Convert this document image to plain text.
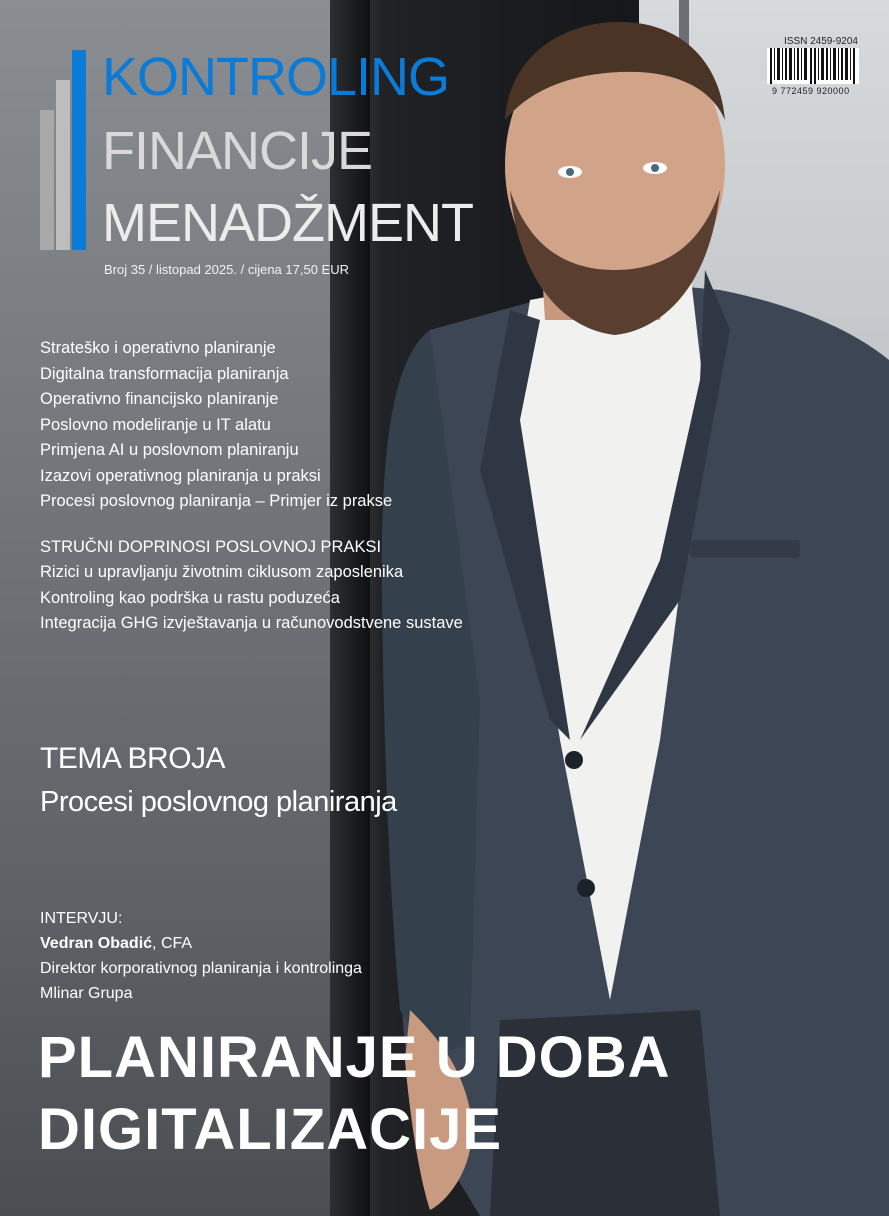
KONTROLING
FINANCIJE
MENADŽMENT
Broj 35 / listopad 2025. / cijena 17,50 EUR
ISSN 2459-9204
9 772459 920000
Strateško i operativno planiranje
Digitalna transformacija planiranja
Operativno financijsko planiranje
Poslovno modeliranje u IT alatu
Primjena AI u poslovnom planiranju
Izazovi operativnog planiranja u praksi
Procesi poslovnog planiranja – Primjer iz prakse
STRUČNI DOPRINOSI POSLOVNOJ PRAKSI
Rizici u upravljanju životnim ciklusom zaposlenika
Kontroling kao podrška u rastu poduzeća
Integracija GHG izvještavanja u računovodstvene sustave
TEMA BROJA
Procesi poslovnog planiranja
INTERVJU:
Vedran Obadić, CFA
Direktor korporativnog planiranja i kontrolinga
Mlinar Grupa
PLANIRANJE U DOBA
DIGITALIZACIJE
